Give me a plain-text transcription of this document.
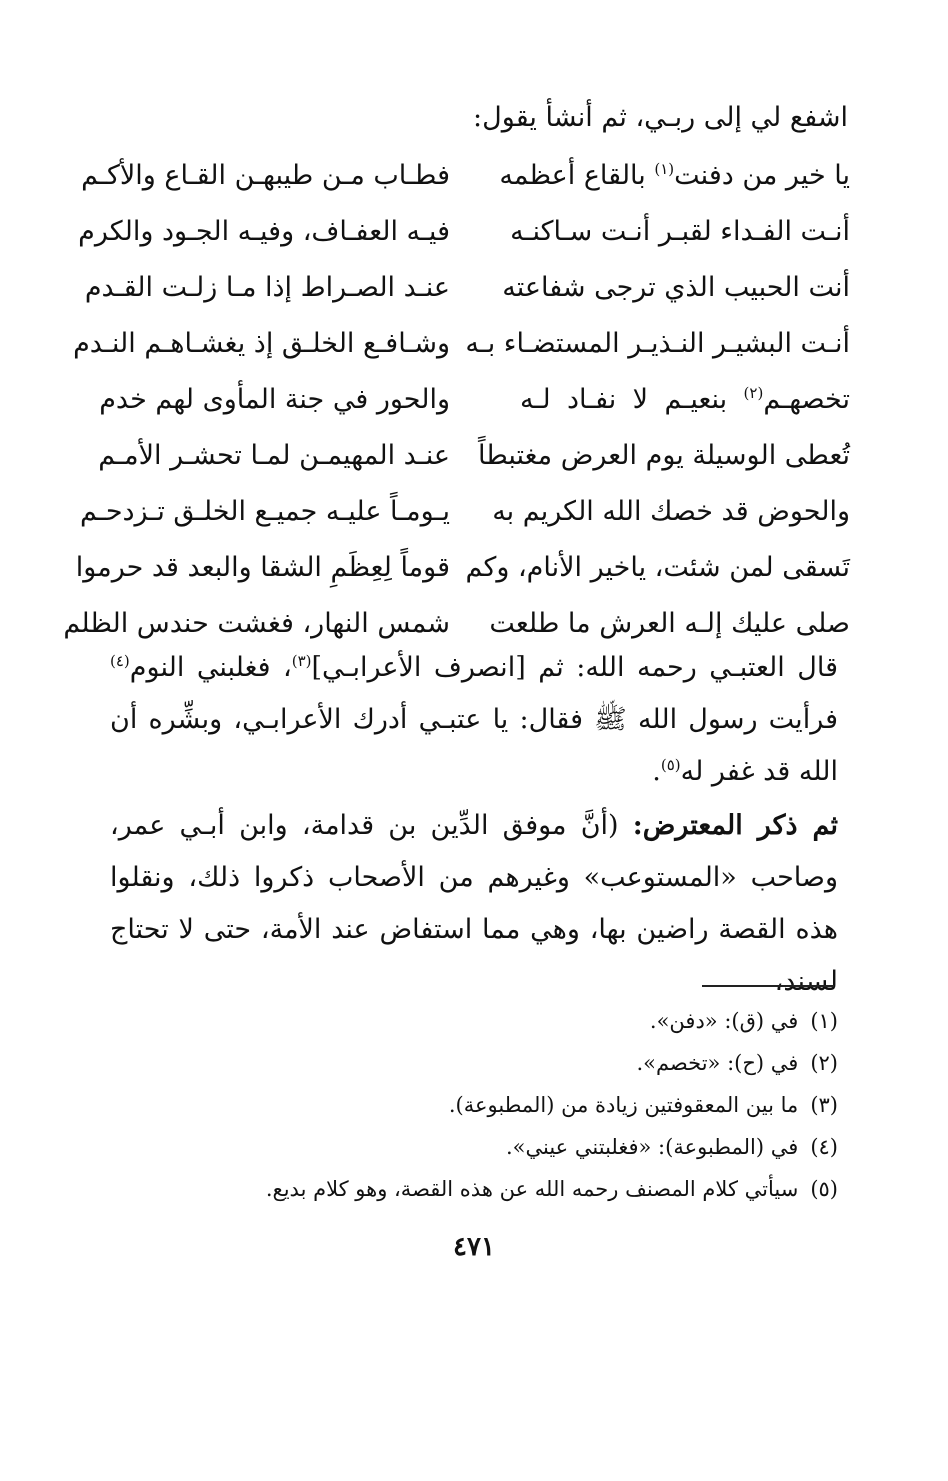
اشفع لي إلى ربـي، ثم أنشأ يقول:
يا خير من دفنت$^{(١)}$ بالقاع أعظمه
فطـاب مـن طيبهـن القـاع والأكـم
أنـت الفـداء لقبـر أنـت سـاكنـه
فيـه العفـاف، وفيـه الجـود والكرم
أنت الحبيب الذي ترجى شفاعته
عنـد الصـراط إذا مـا زلـت القـدم
أنـت البشيـر النـذيـر المستضـاء بـه
وشـافـع الخلـق إذ يغشـاهـم النـدم
تخصهـم$^{(٢)}$ بنعيـم لا نفـاد لـه
والحور في جنة المأوى لهم خدم
تُعطى الوسيلة يوم العرض مغتبطاً
عنـد المهيمـن لمـا تحشـر الأمـم
والحوض قد خصك الله الكريم به
يـومـاً عليـه جميـع الخلـق تـزدحـم
تَسقى لمن شئت، ياخير الأنام، وكم
قوماً لِعِظَمِ الشقا والبعد قد حرموا
صلى عليك إلـه العرش ما طلعت
شمس النهار، فغشت حندس الظلم
قال العتبـي رحمه الله: ثم [انصرف الأعرابـي]$^{(٣)}$، فغلبني النوم$^{(٤)}$ فرأيت رسول الله ﷺ فقال: يا عتبـي أدرك الأعرابـي، وبشِّره أن الله قد غفر له$^{(٥)}$.
ثم ذكر المعترض: (أنَّ موفق الدِّين بن قدامة، وابن أبـي عمر، وصاحب «المستوعب» وغيرهم من الأصحاب ذكروا ذلك، ونقلوا هذه القصة راضين بها، وهي مما استفاض عند الأمة، حتى لا تحتاج لسند،
(١)في (ق): «دفن».
(٢)في (ح): «تخصم».
(٣)ما بين المعقوفتين زيادة من (المطبوعة).
(٤)في (المطبوعة): «فغلبتني عيني».
(٥)سيأتي كلام المصنف رحمه الله عن هذه القصة، وهو كلام بديع.
٤٧١
